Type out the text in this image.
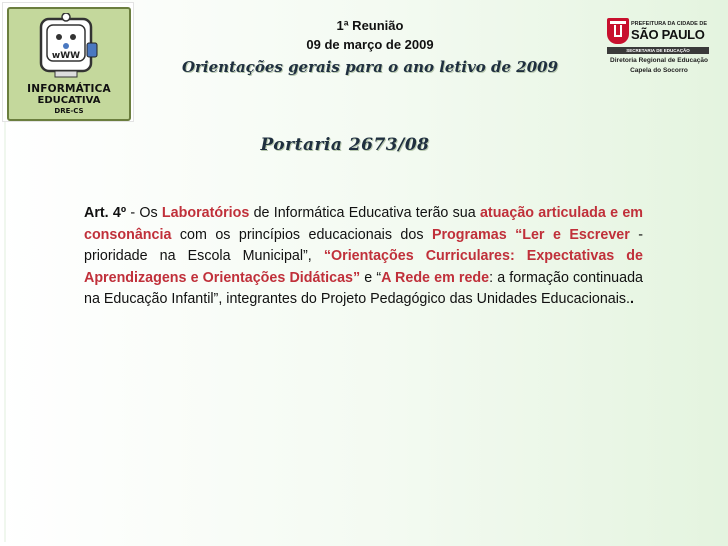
wWW
INFORMÁTICA
EDUCATIVA
DRE-CS
1ª Reunião
09 de março de 2009
Orientações gerais para o ano letivo de 2009
PREFEITURA DA CIDADE DE
SÃO PAULO
SECRETARIA DE EDUCAÇÃO
Diretoria Regional de Educação
Capela do Socorro
Portaria 2673/08
Art. 4º - Os Laboratórios de Informática Educativa terão sua atuação articulada e em consonância com os princípios educacionais dos Programas “Ler e Escrever - prioridade na Escola Municipal”, “Orientações Curriculares: Expectativas de Aprendizagens e Orientações Didáticas” e “A Rede em rede: a formação continuada na Educação Infantil”, integrantes do Projeto Pedagógico das Unidades Educacionais..
